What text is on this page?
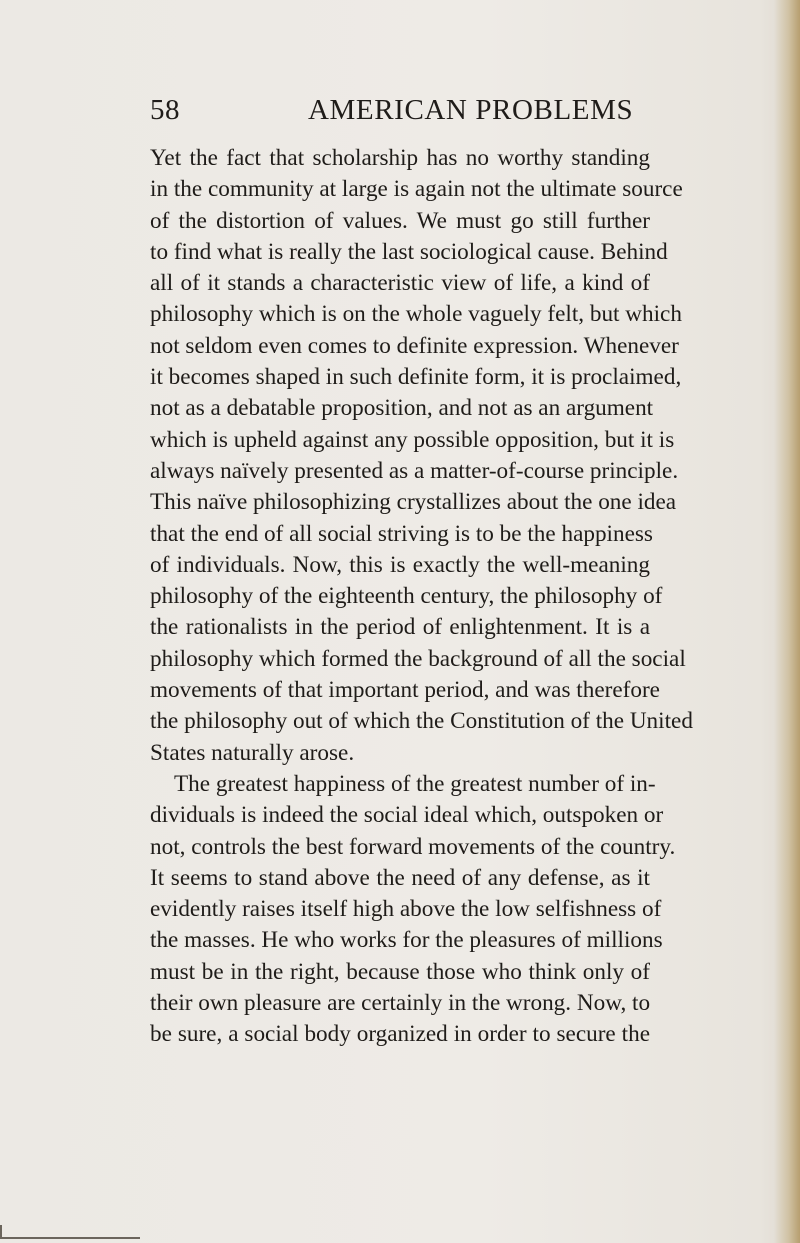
58	AMERICAN PROBLEMS
Yet the fact that scholarship has no worthy standing
in the community at large is again not the ultimate source
of the distortion of values. We must go still further
to find what is really the last sociological cause. Behind
all of it stands a characteristic view of life, a kind of
philosophy which is on the whole vaguely felt, but which
not seldom even comes to definite expression. Whenever
it becomes shaped in such definite form, it is proclaimed,
not as a debatable proposition, and not as an argument
which is upheld against any possible opposition, but it is
always naïvely presented as a matter-of-course principle.
This naïve philosophizing crystallizes about the one idea
that the end of all social striving is to be the happiness
of individuals. Now, this is exactly the well-meaning
philosophy of the eighteenth century, the philosophy of
the rationalists in the period of enlightenment. It is a
philosophy which formed the background of all the social
movements of that important period, and was therefore
the philosophy out of which the Constitution of the United
States naturally arose.
The greatest happiness of the greatest number of in-
dividuals is indeed the social ideal which, outspoken or
not, controls the best forward movements of the country.
It seems to stand above the need of any defense, as it
evidently raises itself high above the low selfishness of
the masses. He who works for the pleasures of millions
must be in the right, because those who think only of
their own pleasure are certainly in the wrong. Now, to
be sure, a social body organized in order to secure the
